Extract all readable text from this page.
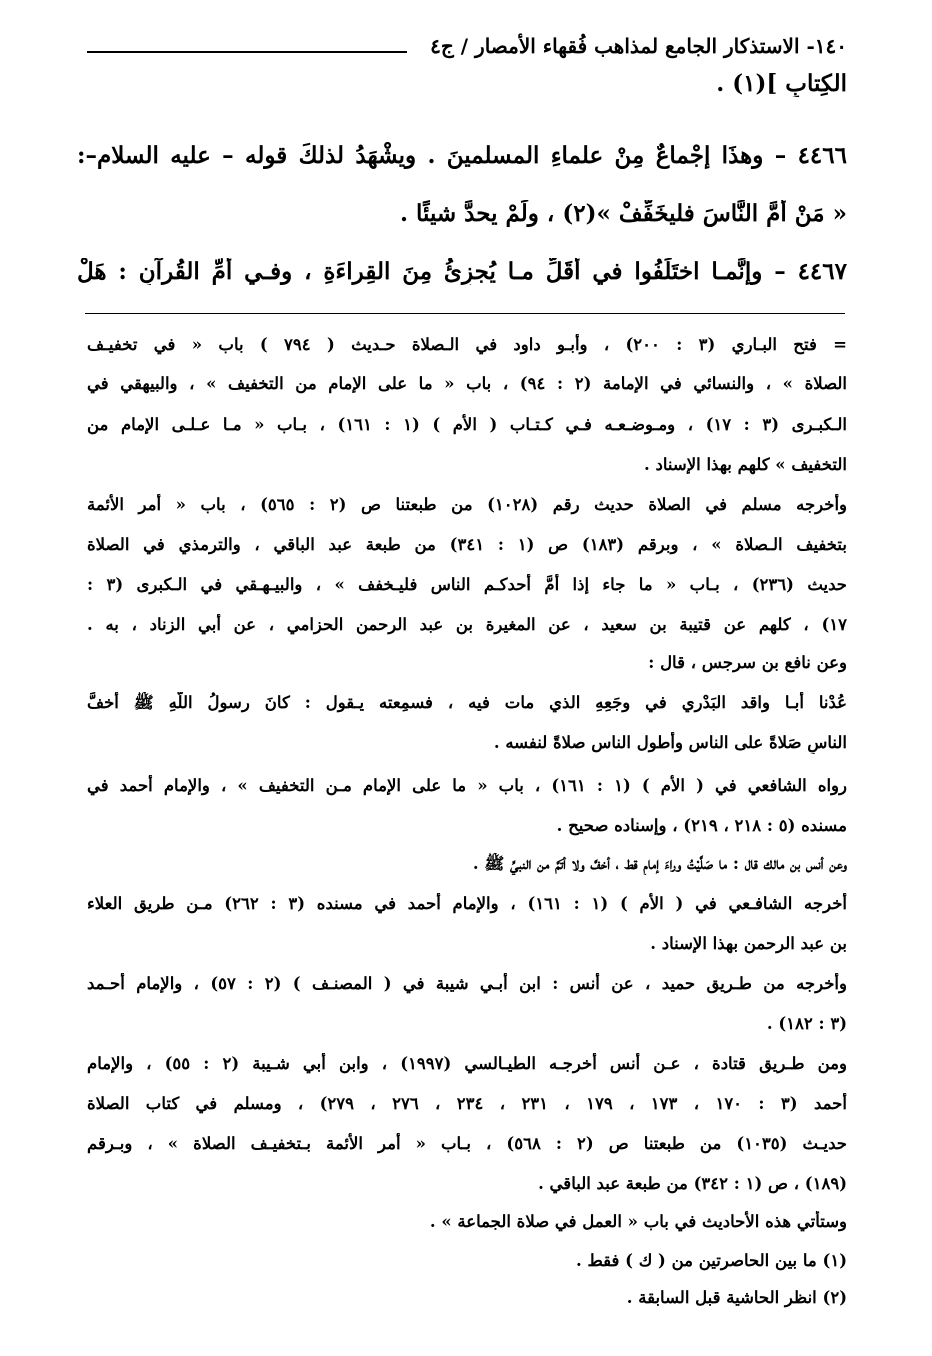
١٤٠- الاستذكار الجامع لمذاهب فُقهاء الأمصار / ج٤
الكِتابِ ](١) .
٤٤٦٦ – وهذَا إجْماعٌ مِنْ علماءِ المسلمينَ . ويشْهَدُ لذلكَ قوله – عليه السلام–:
« مَنْ أمَّ النَّاسَ فليخَفِّفْ »(٢) ، ولَمْ يحدَّ شيئًا .
٤٤٦٧ – وإنَّمـا اختَلَفُوا في أقَلِّ مـا يُجزِئُ مِنَ القِراءَةِ ، وفـي أمِّ القُرآنِ : هَلْ
= فتح البـاري (٣ : ٢٠٠) ، وأبـو داود في الـصلاة حـديث ( ٧٩٤ ) باب « في تخفيـف
الصلاة » ، والنسائي في الإمامة (٢ : ٩٤) ، باب « ما على الإمام من التخفيف » ، والبيهقي في
الـكبـرى (٣ : ١٧) ، ومـوضـعـه فـي كـتـاب ( الأم ) (١ : ١٦١) ، بـاب « مـا عـلـى الإمام من
التخفيف » كلهم بهذا الإسناد .
وأخرجه مسلم في الصلاة حديث رقم (١٠٢٨) من طبعتنا ص (٢ : ٥٦٥) ، باب « أمر الأئمة
بتخفيف الـصلاة » ، وبرقم (١٨٣) ص (١ : ٣٤١) من طبعة عبد الباقي ، والترمذي في الصلاة
حديث (٢٣٦) ، بـاب « ما جاء إذا أمَّ أحدكـم الناس فليـخفف » ، والبيـهـقي في الـكبرى (٣ :
١٧) ، كلهم عن قتيبة بن سعيد ، عن المغيرة بن عبد الرحمن الحزامي ، عن أبي الزناد ، به .
وعن نافع بن سرجس ، قال :
عُدْنا أبـا واقد البَدْري في وجَعِهِ الذي مات فيه ، فسمِعته يـقول : كانَ رسولُ اللَّهِ ﷺ أخفَّ
الناسِ صَلاةً على الناس وأطول الناس صلاةً لنفسه .
رواه الشافعي في ( الأم ) (١ : ١٦١) ، باب « ما على الإمام مـن التخفيف » ، والإمام أحمد في
مسنده (٥ : ٢١٨ ، ٢١٩) ، وإسناده صحيح .
وعن أنس بن مالك قال : ما صَلَّيْتُ وراءَ إمامٍ قط ، أخفَّ ولا أتَمَّ من النبيِّ ﷺ .
أخرجه الشافـعي في ( الأم ) (١ : ١٦١) ، والإمام أحمد في مسنده (٣ : ٢٦٢) مـن طريق العلاء
بن عبد الرحمن بهذا الإسناد .
وأخرجه من طـريق حميد ، عن أنس : ابن أبـي شيبة في ( المصنـف ) (٢ : ٥٧) ، والإمام أحـمد
(٣ : ١٨٢) .
ومن طـريق قتادة ، عـن أنس أخرجـه الطيـالسي (١٩٩٧) ، وابن أبي شـيبة (٢ : ٥٥) ، والإمام
أحمد (٣ : ١٧٠ ، ١٧٣ ، ١٧٩ ، ٢٣١ ، ٢٣٤ ، ٢٧٦ ، ٢٧٩) ، ومسلم في كتاب الصلاة
حديـث (١٠٣٥) من طبعتنا ص (٢ : ٥٦٨) ، بـاب « أمر الأئمة بـتخفيـف الصلاة » ، وبـرقم
(١٨٩) ، ص (١ : ٣٤٢) من طبعة عبد الباقي .
وستأتي هذه الأحاديث في باب « العمل في صلاة الجماعة » .
(١) ما بين الحاصرتين من ( ك ) فقط .
(٢) انظر الحاشية قبل السابقة .
